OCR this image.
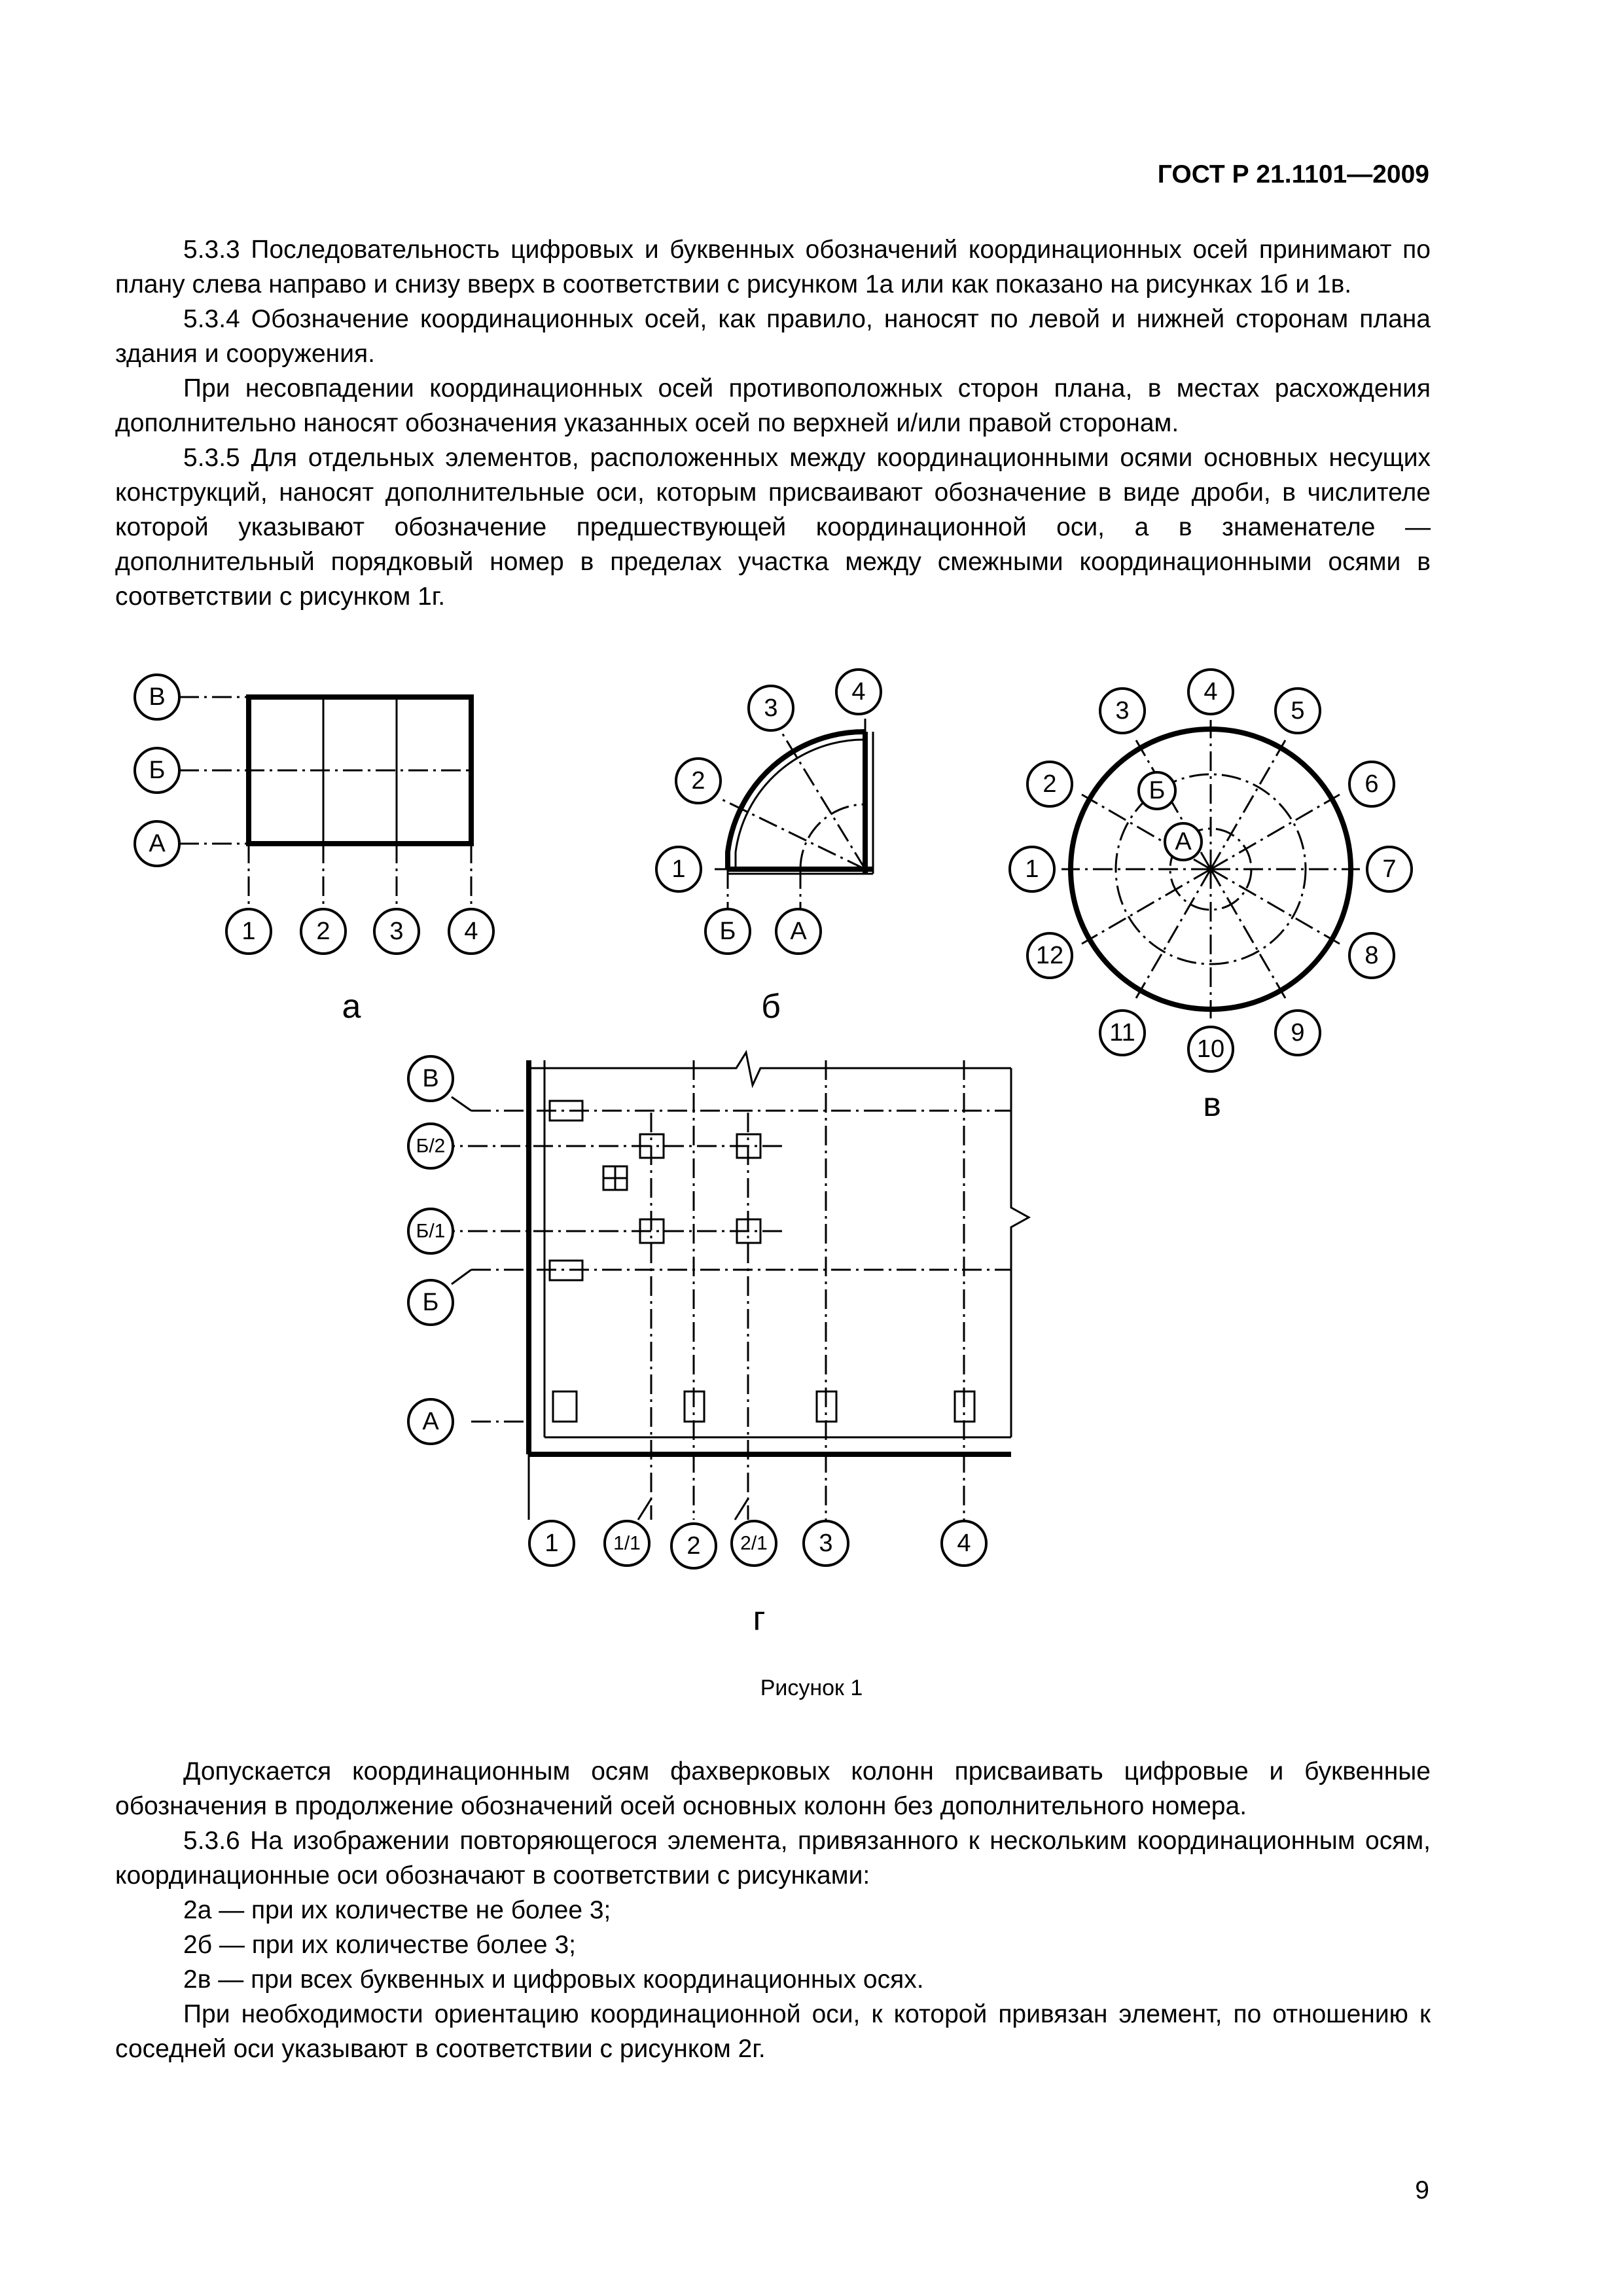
ГОСТ Р 21.1101—2009

5.3.3 Последовательность цифровых и буквенных обозначений координационных осей принимают по плану слева направо и снизу вверх в соответствии с рисунком 1а или как показано на рисунках 1б и 1в.

5.3.4 Обозначение координационных осей, как правило, наносят по левой и нижней сторонам плана здания и сооружения.

При несовпадении координационных осей противоположных сторон плана, в местах расхождения дополнительно наносят обозначения указанных осей по верхней и/или правой сторонам.

5.3.5 Для отдельных элементов, расположенных между координационными осями основных несущих конструкций, наносят дополнительные оси, которым присваивают обозначение в виде дроби, в числителе которой указывают обозначение предшествующей координационной оси, а в знаменателе — дополнительный порядковый номер в пределах участка между смежными координационными осями в соответствии с рисунком 1г.

В
Б
А
1 2 3 4
а
1
2
3
4
Б А
б
1
2
3
4
5
6
7
8
9
10
11
12
А
Б
в
В
Б/2
Б/1
Б
А
1	1/1 2 2/1 3	4
г
Рисунок 1

Допускается координационным осям фахверковых колонн присваивать цифровые и буквенные обозначения в продолжение обозначений осей основных колонн без дополнительного номера.

5.3.6 На изображении повторяющегося элемента, привязанного к нескольким координационным осям, координационные оси обозначают в соответствии с рисунками:

2а — при их количестве не более 3;

2б — при их количестве более 3;

2в — при всех буквенных и цифровых координационных осях.

При необходимости ориентацию координационной оси, к которой привязан элемент, по отношению к соседней оси указывают в соответствии с рисунком 2г.

9
